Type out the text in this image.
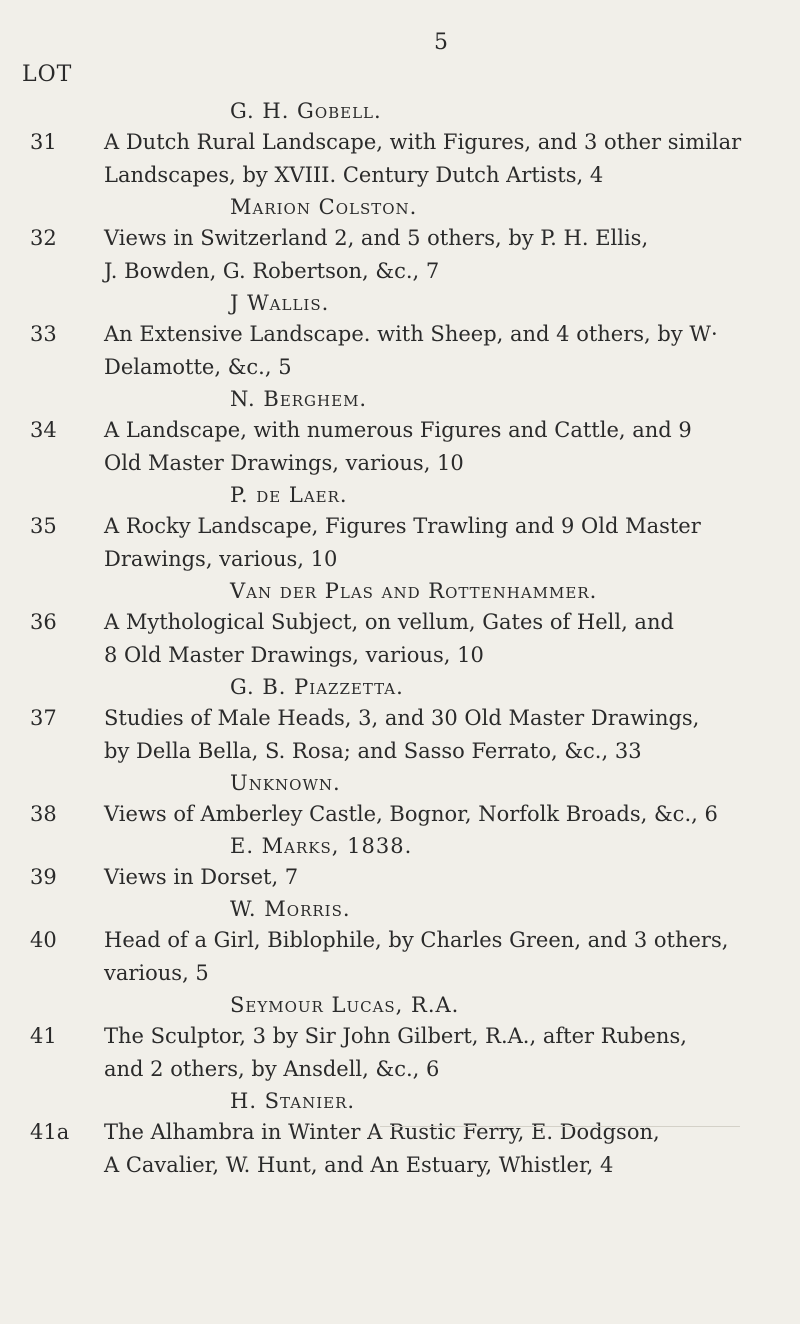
5
LOT
G. H. Gobell.
31 A Dutch Rural Landscape, with Figures, and 3 other similar
Landscapes, by XVIII. Century Dutch Artists, 4
Marion Colston.
32 Views in Switzerland 2, and 5 others, by P. H. Ellis,
J. Bowden, G. Robertson, &c., 7
J Wallis.
33 An Extensive Landscape. with Sheep, and 4 others, by W·
Delamotte, &c., 5
N. Berghem.
34 A Landscape, with numerous Figures and Cattle, and 9
Old Master Drawings, various, 10
P. de Laer.
35 A Rocky Landscape, Figures Trawling and 9 Old Master
Drawings, various, 10
Van der Plas and Rottenhammer.
36 A Mythological Subject, on vellum, Gates of Hell, and
8 Old Master Drawings, various, 10
G. B. Piazzetta.
37 Studies of Male Heads, 3, and 30 Old Master Drawings,
by Della Bella, S. Rosa; and Sasso Ferrato, &c., 33
Unknown.
38 Views of Amberley Castle, Bognor, Norfolk Broads, &c., 6
E. Marks, 1838.
39 Views in Dorset, 7
W. Morris.
40 Head of a Girl, Biblophile, by Charles Green, and 3 others,
various, 5
Seymour Lucas, R.A.
41 The Sculptor, 3 by Sir John Gilbert, R.A., after Rubens,
and 2 others, by Ansdell, &c., 6
H. Stanier.
41a The Alhambra in Winter A Rustic Ferry, E. Dodgson,
A Cavalier, W. Hunt, and An Estuary, Whistler, 4
